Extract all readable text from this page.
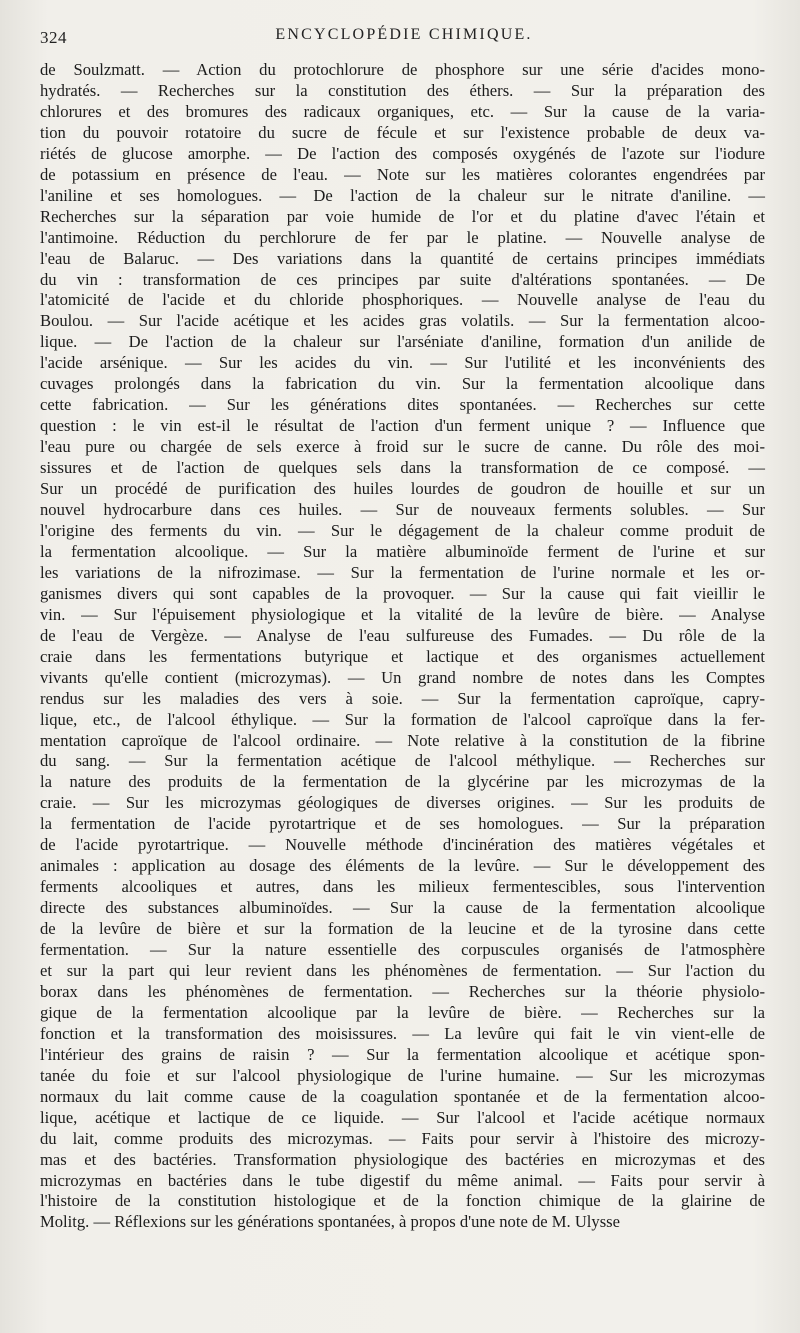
324	ENCYCLOPÉDIE CHIMIQUE.
de Soulzmatt. — Action du protochlorure de phosphore sur une série d'acides mono-
hydratés. — Recherches sur la constitution des éthers. — Sur la préparation des
chlorures et des bromures des radicaux organiques, etc. — Sur la cause de la varia-
tion du pouvoir rotatoire du sucre de fécule et sur l'existence probable de deux va-
riétés de glucose amorphe. — De l'action des composés oxygénés de l'azote sur l'iodure
de potassium en présence de l'eau. — Note sur les matières colorantes engendrées par
l'aniline et ses homologues. — De l'action de la chaleur sur le nitrate d'aniline. —
Recherches sur la séparation par voie humide de l'or et du platine d'avec l'étain et
l'antimoine. Réduction du perchlorure de fer par le platine. — Nouvelle analyse de
l'eau de Balaruc. — Des variations dans la quantité de certains principes immédiats
du vin : transformation de ces principes par suite d'altérations spontanées. — De
l'atomicité de l'acide et du chloride phosphoriques. — Nouvelle analyse de l'eau du
Boulou. — Sur l'acide acétique et les acides gras volatils. — Sur la fermentation alcoo-
lique. — De l'action de la chaleur sur l'arséniate d'aniline, formation d'un anilide de
l'acide arsénique. — Sur les acides du vin. — Sur l'utilité et les inconvénients des
cuvages prolongés dans la fabrication du vin. Sur la fermentation alcoolique dans
cette fabrication. — Sur les générations dites spontanées. — Recherches sur cette
question : le vin est-il le résultat de l'action d'un ferment unique ? — Influence que
l'eau pure ou chargée de sels exerce à froid sur le sucre de canne. Du rôle des moi-
sissures et de l'action de quelques sels dans la transformation de ce composé. —
Sur un procédé de purification des huiles lourdes de goudron de houille et sur un
nouvel hydrocarbure dans ces huiles. — Sur de nouveaux ferments solubles. — Sur
l'origine des ferments du vin. — Sur le dégagement de la chaleur comme produit de
la fermentation alcoolique. — Sur la matière albuminoïde ferment de l'urine et sur
les variations de la nifrozimase. — Sur la fermentation de l'urine normale et les or-
ganismes divers qui sont capables de la provoquer. — Sur la cause qui fait vieillir le
vin. — Sur l'épuisement physiologique et la vitalité de la levûre de bière. — Analyse
de l'eau de Vergèze. — Analyse de l'eau sulfureuse des Fumades. — Du rôle de la
craie dans les fermentations butyrique et lactique et des organismes actuellement
vivants qu'elle contient (microzymas). — Un grand nombre de notes dans les Comptes
rendus sur les maladies des vers à soie. — Sur la fermentation caproïque, capry-
lique, etc., de l'alcool éthylique. — Sur la formation de l'alcool caproïque dans la fer-
mentation caproïque de l'alcool ordinaire. — Note relative à la constitution de la fibrine
du sang. — Sur la fermentation acétique de l'alcool méthylique. — Recherches sur
la nature des produits de la fermentation de la glycérine par les microzymas de la
craie. — Sur les microzymas géologiques de diverses origines. — Sur les produits de
la fermentation de l'acide pyrotartrique et de ses homologues. — Sur la préparation
de l'acide pyrotartrique. — Nouvelle méthode d'incinération des matières végétales et
animales : application au dosage des éléments de la levûre. — Sur le développement des
ferments alcooliques et autres, dans les milieux fermentescibles, sous l'intervention
directe des substances albuminoïdes. — Sur la cause de la fermentation alcoolique
de la levûre de bière et sur la formation de la leucine et de la tyrosine dans cette
fermentation. — Sur la nature essentielle des corpuscules organisés de l'atmosphère
et sur la part qui leur revient dans les phénomènes de fermentation. — Sur l'action du
borax dans les phénomènes de fermentation. — Recherches sur la théorie physiolo-
gique de la fermentation alcoolique par la levûre de bière. — Recherches sur la
fonction et la transformation des moisissures. — La levûre qui fait le vin vient-elle de
l'intérieur des grains de raisin ? — Sur la fermentation alcoolique et acétique spon-
tanée du foie et sur l'alcool physiologique de l'urine humaine. — Sur les microzymas
normaux du lait comme cause de la coagulation spontanée et de la fermentation alcoo-
lique, acétique et lactique de ce liquide. — Sur l'alcool et l'acide acétique normaux
du lait, comme produits des microzymas. — Faits pour servir à l'histoire des microzy-
mas et des bactéries. Transformation physiologique des bactéries en microzymas et des
microzymas en bactéries dans le tube digestif du même animal. — Faits pour servir à
l'histoire de la constitution histologique et de la fonction chimique de la glairine de
Molitg. — Réflexions sur les générations spontanées, à propos d'une note de M. Ulysse
